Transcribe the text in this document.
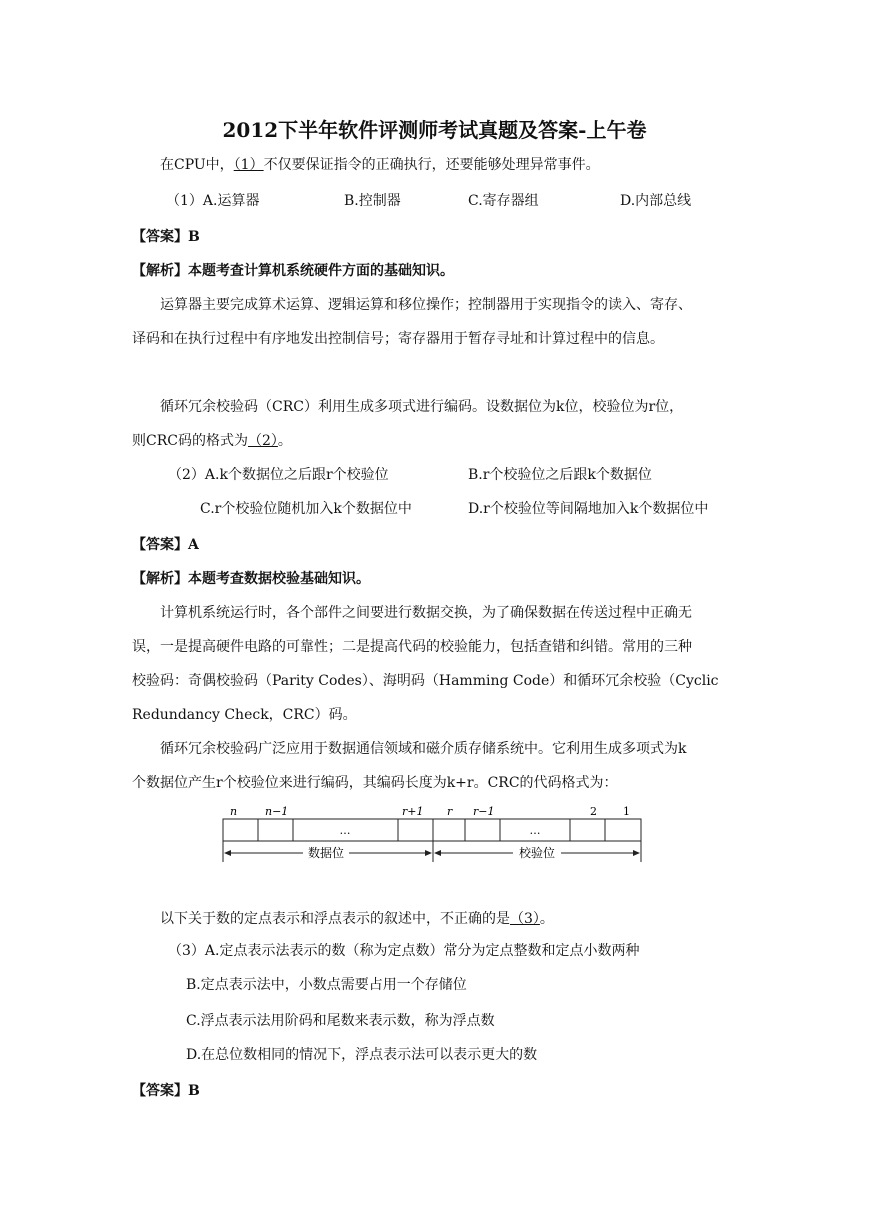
2012下半年软件评测师考试真题及答案-上午卷
在CPU中，（1）不仅要保证指令的正确执行，还要能够处理异常事件。
（1）A.运算器	B.控制器	C.寄存器组	D.内部总线
【答案】B
【解析】本题考查计算机系统硬件方面的基础知识。
运算器主要完成算术运算、逻辑运算和移位操作；控制器用于实现指令的读入、寄存、
译码和在执行过程中有序地发出控制信号；寄存器用于暂存寻址和计算过程中的信息。
循环冗余校验码（CRC）利用生成多项式进行编码。设数据位为k位，校验位为r位，
则CRC码的格式为（2）。
（2）A.k个数据位之后跟r个校验位	B.r个校验位之后跟k个数据位
C.r个校验位随机加入k个数据位中	D.r个校验位等间隔地加入k个数据位中
【答案】A
【解析】本题考查数据校验基础知识。
计算机系统运行时，各个部件之间要进行数据交换，为了确保数据在传送过程中正确无
误，一是提高硬件电路的可靠性；二是提高代码的校验能力，包括查错和纠错。常用的三种
校验码：奇偶校验码（Parity Codes）、海明码（Hamming Code）和循环冗余校验（Cyclic
Redundancy Check，CRC）码。
循环冗余校验码广泛应用于数据通信领域和磁介质存储系统中。它利用生成多项式为k
个数据位产生r个校验位来进行编码，其编码长度为k+r。CRC的代码格式为：
n	n−1	r+1 r r−1	2 1
…	…
数据位	校验位
以下关于数的定点表示和浮点表示的叙述中，不正确的是（3）。
（3）A.定点表示法表示的数（称为定点数）常分为定点整数和定点小数两种
B.定点表示法中，小数点需要占用一个存储位
C.浮点表示法用阶码和尾数来表示数，称为浮点数
D.在总位数相同的情况下，浮点表示法可以表示更大的数
【答案】B
